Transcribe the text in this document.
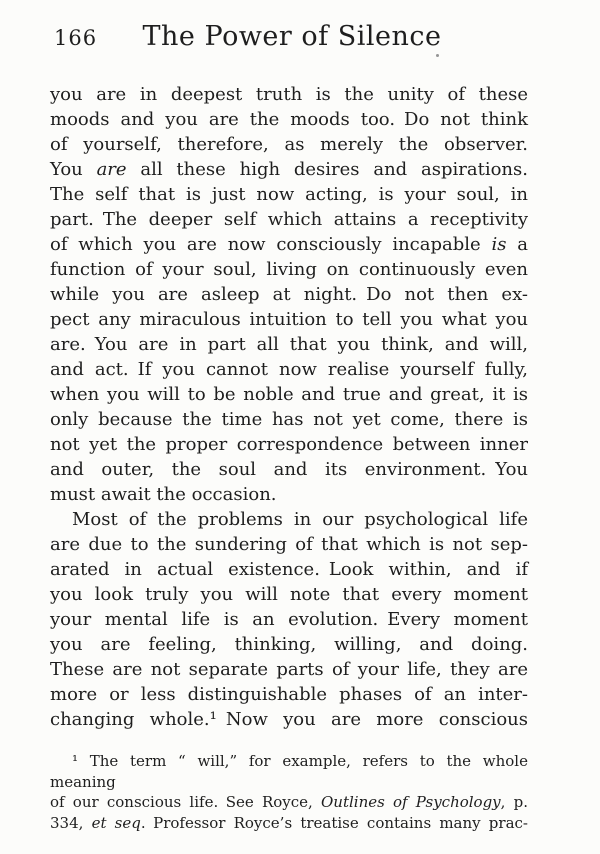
166	The Power of Silence
you are in deepest truth is the unity of these
moods and you are the moods too. Do not think
of yourself, therefore, as merely the observer.
You are all these high desires and aspirations.
The self that is just now acting, is your soul, in
part. The deeper self which attains a receptivity
of which you are now consciously incapable is a
function of your soul, living on continuously even
while you are asleep at night. Do not then ex-
pect any miraculous intuition to tell you what you
are. You are in part all that you think, and will,
and act. If you cannot now realise yourself fully,
when you will to be noble and true and great, it is
only because the time has not yet come, there is
not yet the proper correspondence between inner
and outer, the soul and its environment. You
must await the occasion.
Most of the problems in our psychological life
are due to the sundering of that which is not sep-
arated in actual existence. Look within, and if
you look truly you will note that every moment
your mental life is an evolution. Every moment
you are feeling, thinking, willing, and doing.
These are not separate parts of your life, they are
more or less distinguishable phases of an inter-
changing whole.¹ Now you are more conscious
¹ The term “ will,” for example, refers to the whole meaning
of our conscious life. See Royce, Outlines of Psychology, p.
334, et seq. Professor Royce’s treatise contains many prac-
